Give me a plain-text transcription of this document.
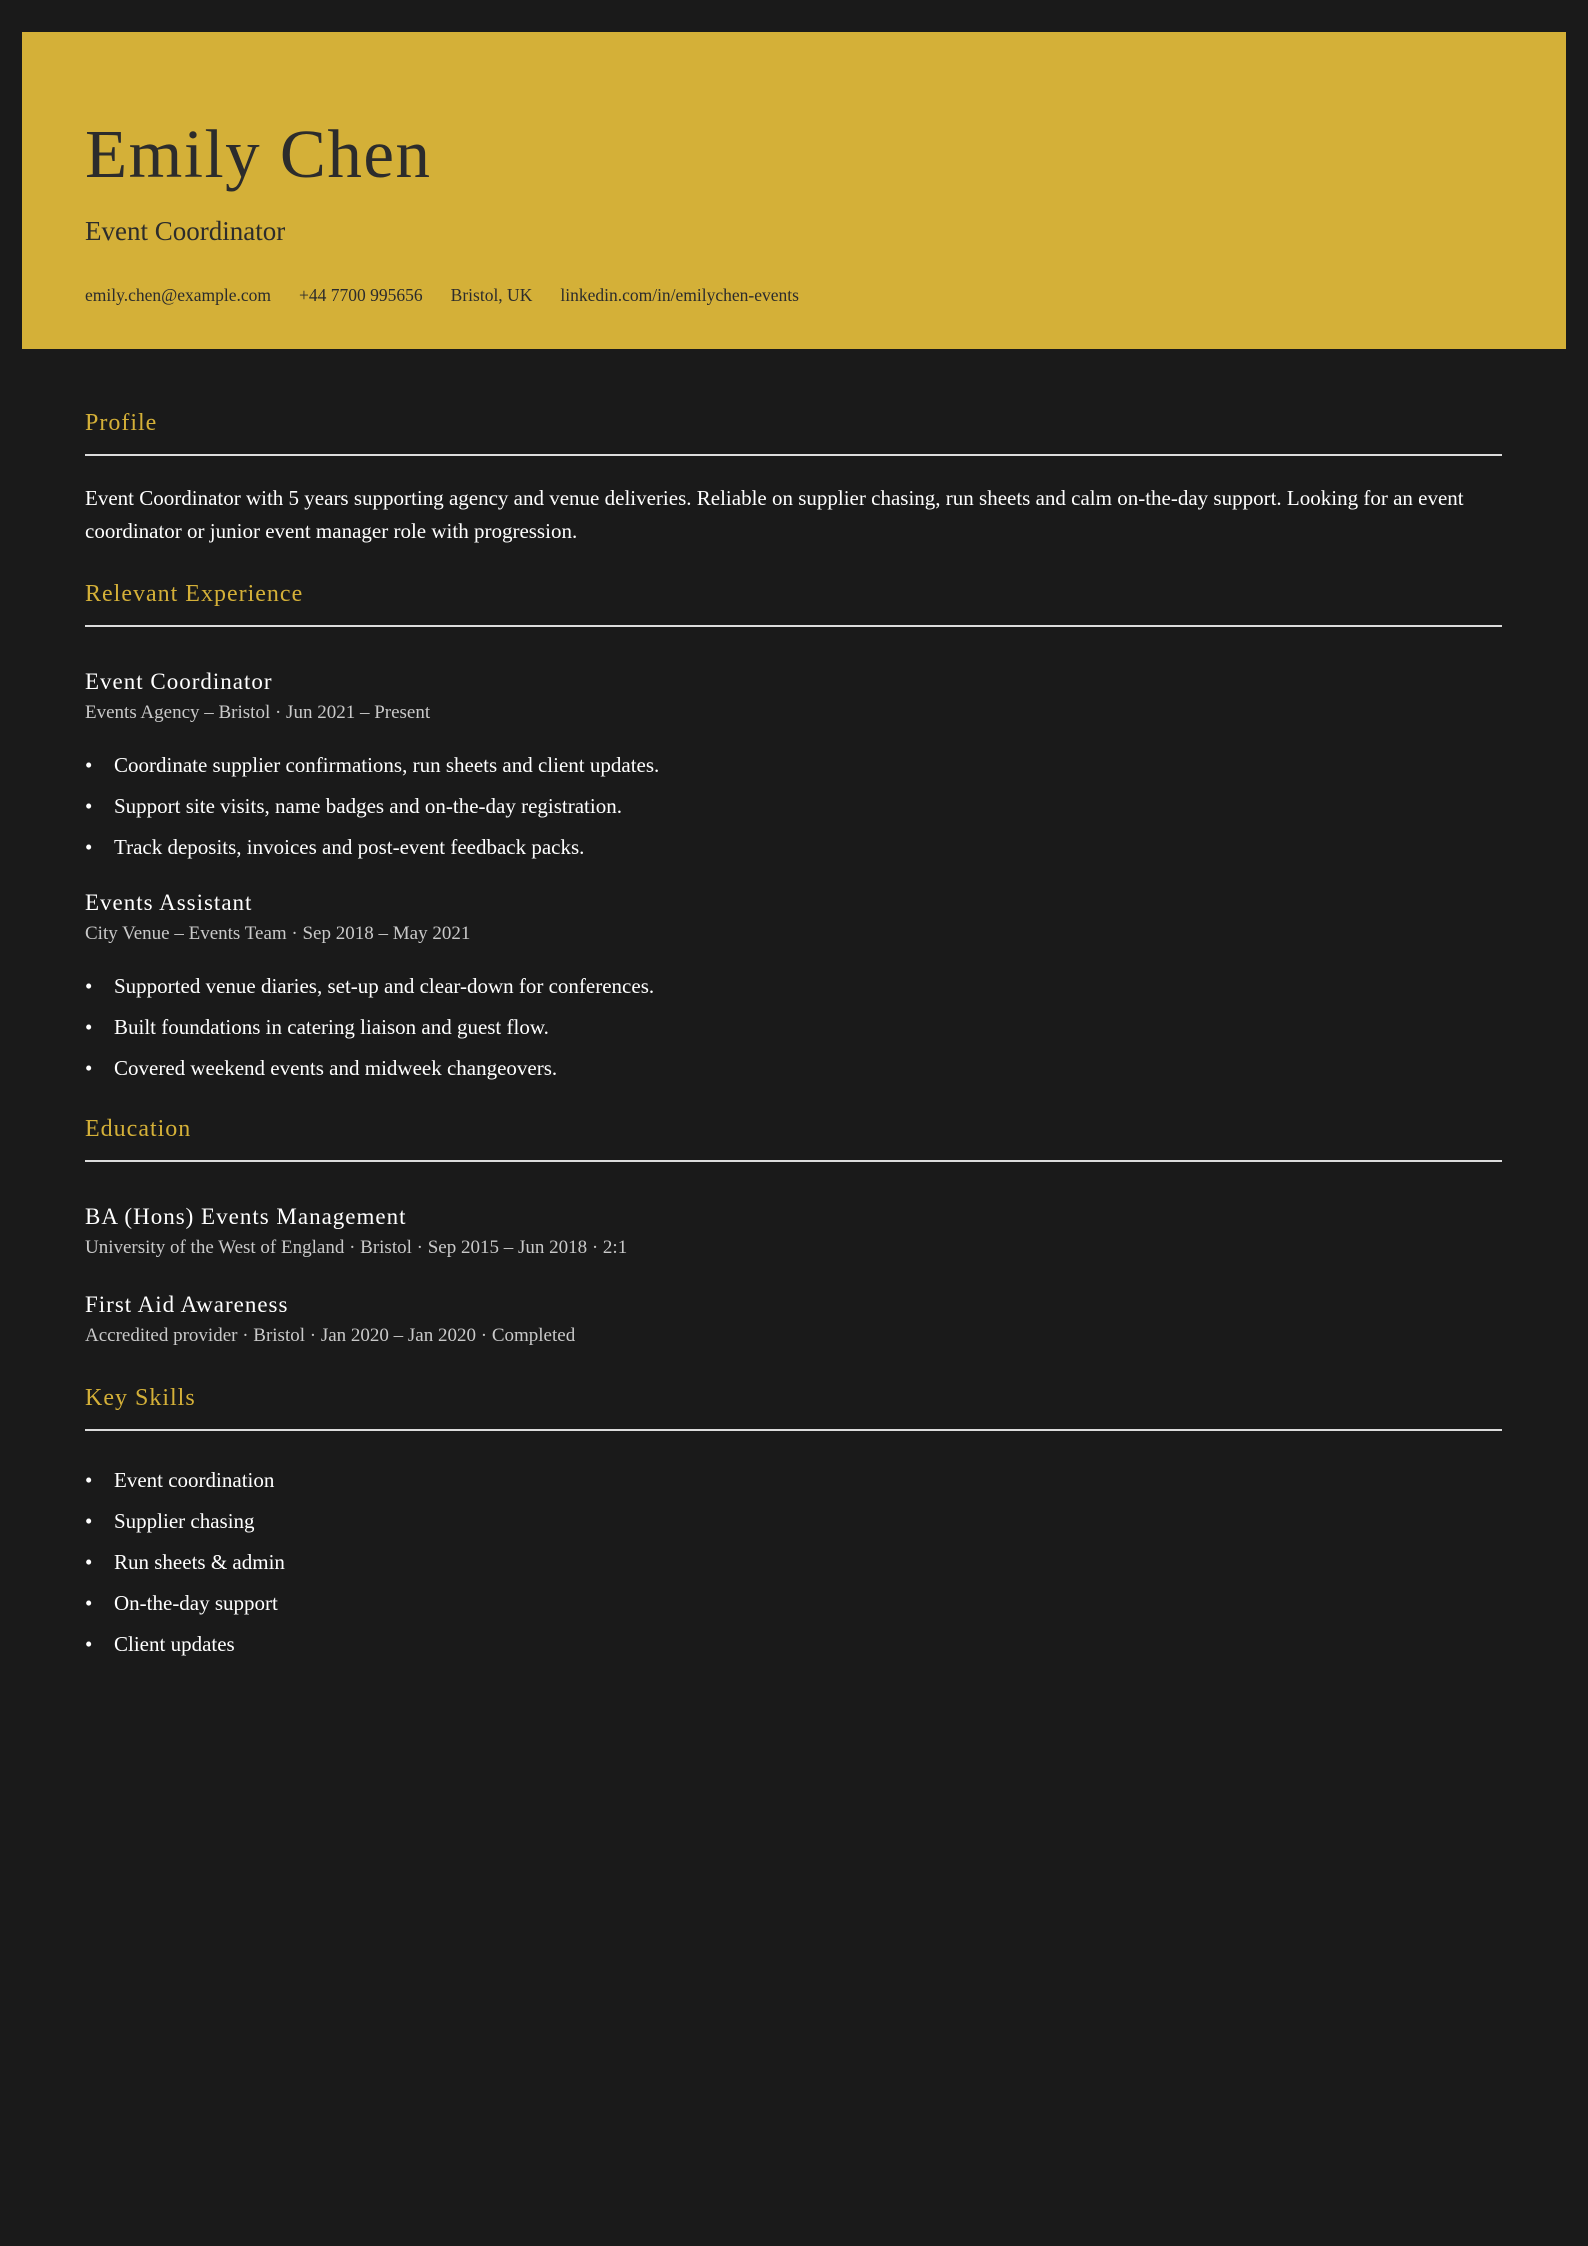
Emily Chen
Event Coordinator
emily.chen@example.com +44 7700 995656 Bristol, UK linkedin.com/in/emilychen-events
Profile

Event Coordinator with 5 years supporting agency and venue deliveries. Reliable on supplier chasing, run sheets and calm on-the-day support. Looking for an event coordinator or junior event manager role with progression.

Relevant Experience
Event Coordinator
Events Agency – Bristol · Jun 2021 – Present
• Coordinate supplier confirmations, run sheets and client updates.
• Support site visits, name badges and on-the-day registration.
• Track deposits, invoices and post-event feedback packs.
Events Assistant
City Venue – Events Team · Sep 2018 – May 2021
• Supported venue diaries, set-up and clear-down for conferences.
• Built foundations in catering liaison and guest flow.
• Covered weekend events and midweek changeovers.
Education
BA (Hons) Events Management
University of the West of England · Bristol · Sep 2015 – Jun 2018 · 2:1
First Aid Awareness
Accredited provider · Bristol · Jan 2020 – Jan 2020 · Completed
Key Skills
• Event coordination
• Supplier chasing
• Run sheets & admin
• On-the-day support
• Client updates
